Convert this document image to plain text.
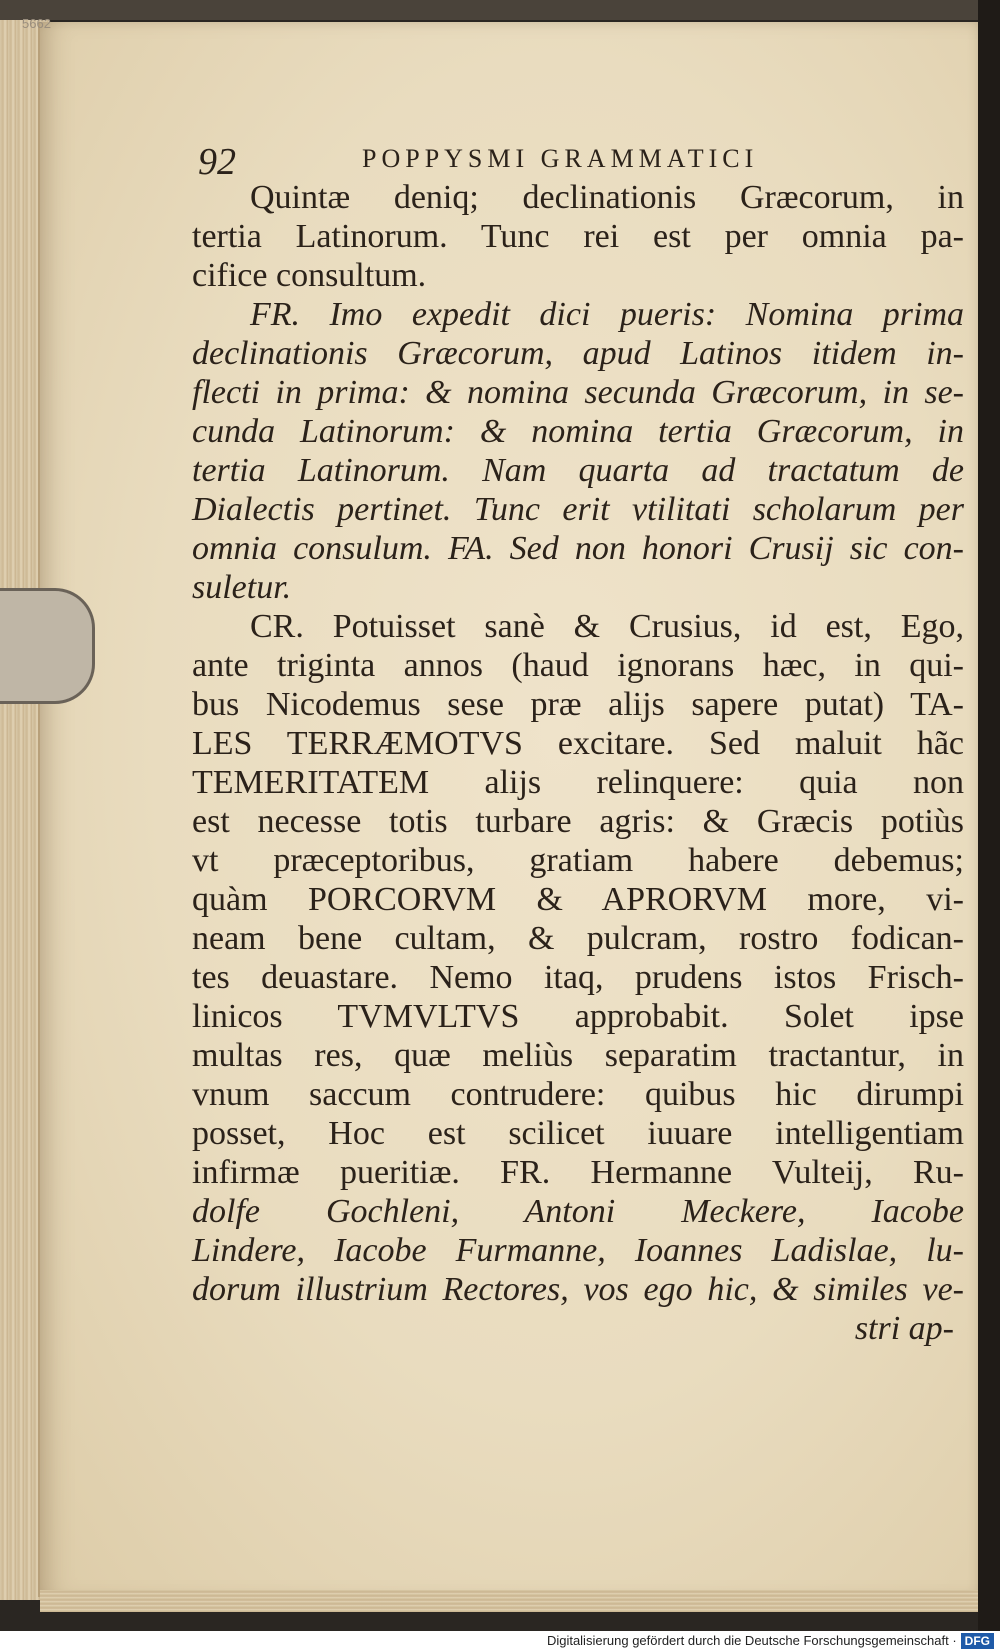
5662
92	POPPYSMI GRAMMATICI
Quintæ deniq; declinationis Græcorum, in
tertia Latinorum. Tunc rei est per omnia pa-
cifice consultum.
FR. Imo expedit dici pueris: Nomina prima
declinationis Græcorum, apud Latinos itidem in-
flecti in prima: & nomina secunda Græcorum, in se-
cunda Latinorum: & nomina tertia Græcorum, in
tertia Latinorum. Nam quarta ad tractatum de
Dialectis pertinet. Tunc erit vtilitati scholarum per
omnia consulum. FA. Sed non honori Crusij sic con-
suletur.
CR. Potuisset sanè & Crusius, id est, Ego,
ante triginta annos (haud ignorans hæc, in qui-
bus Nicodemus sese præ alijs sapere putat) TA-
LES TERRÆMOTVS excitare. Sed maluit hãc
TEMERITATEM alijs relinquere: quia non
est necesse totis turbare agris: & Græcis potiùs
vt præceptoribus, gratiam habere debemus;
quàm PORCORVM & APRORVM more, vi-
neam bene cultam, & pulcram, rostro fodican-
tes deuastare. Nemo itaq, prudens istos Frisch-
linicos TVMVLTVS approbabit. Solet ipse
multas res, quæ meliùs separatim tractantur, in
vnum saccum contrudere: quibus hic dirumpi
posset, Hoc est scilicet iuuare intelligentiam
infirmæ pueritiæ. FR. Hermanne Vulteij, Ru-
dolfe Gochleni, Antoni Meckere, Iacobe
Lindere, Iacobe Furmanne, Ioannes Ladislae, lu-
dorum illustrium Rectores, vos ego hic, & similes ve-
stri ap-
Digitalisierung gefördert durch die Deutsche Forschungsgemeinschaft · DFG
